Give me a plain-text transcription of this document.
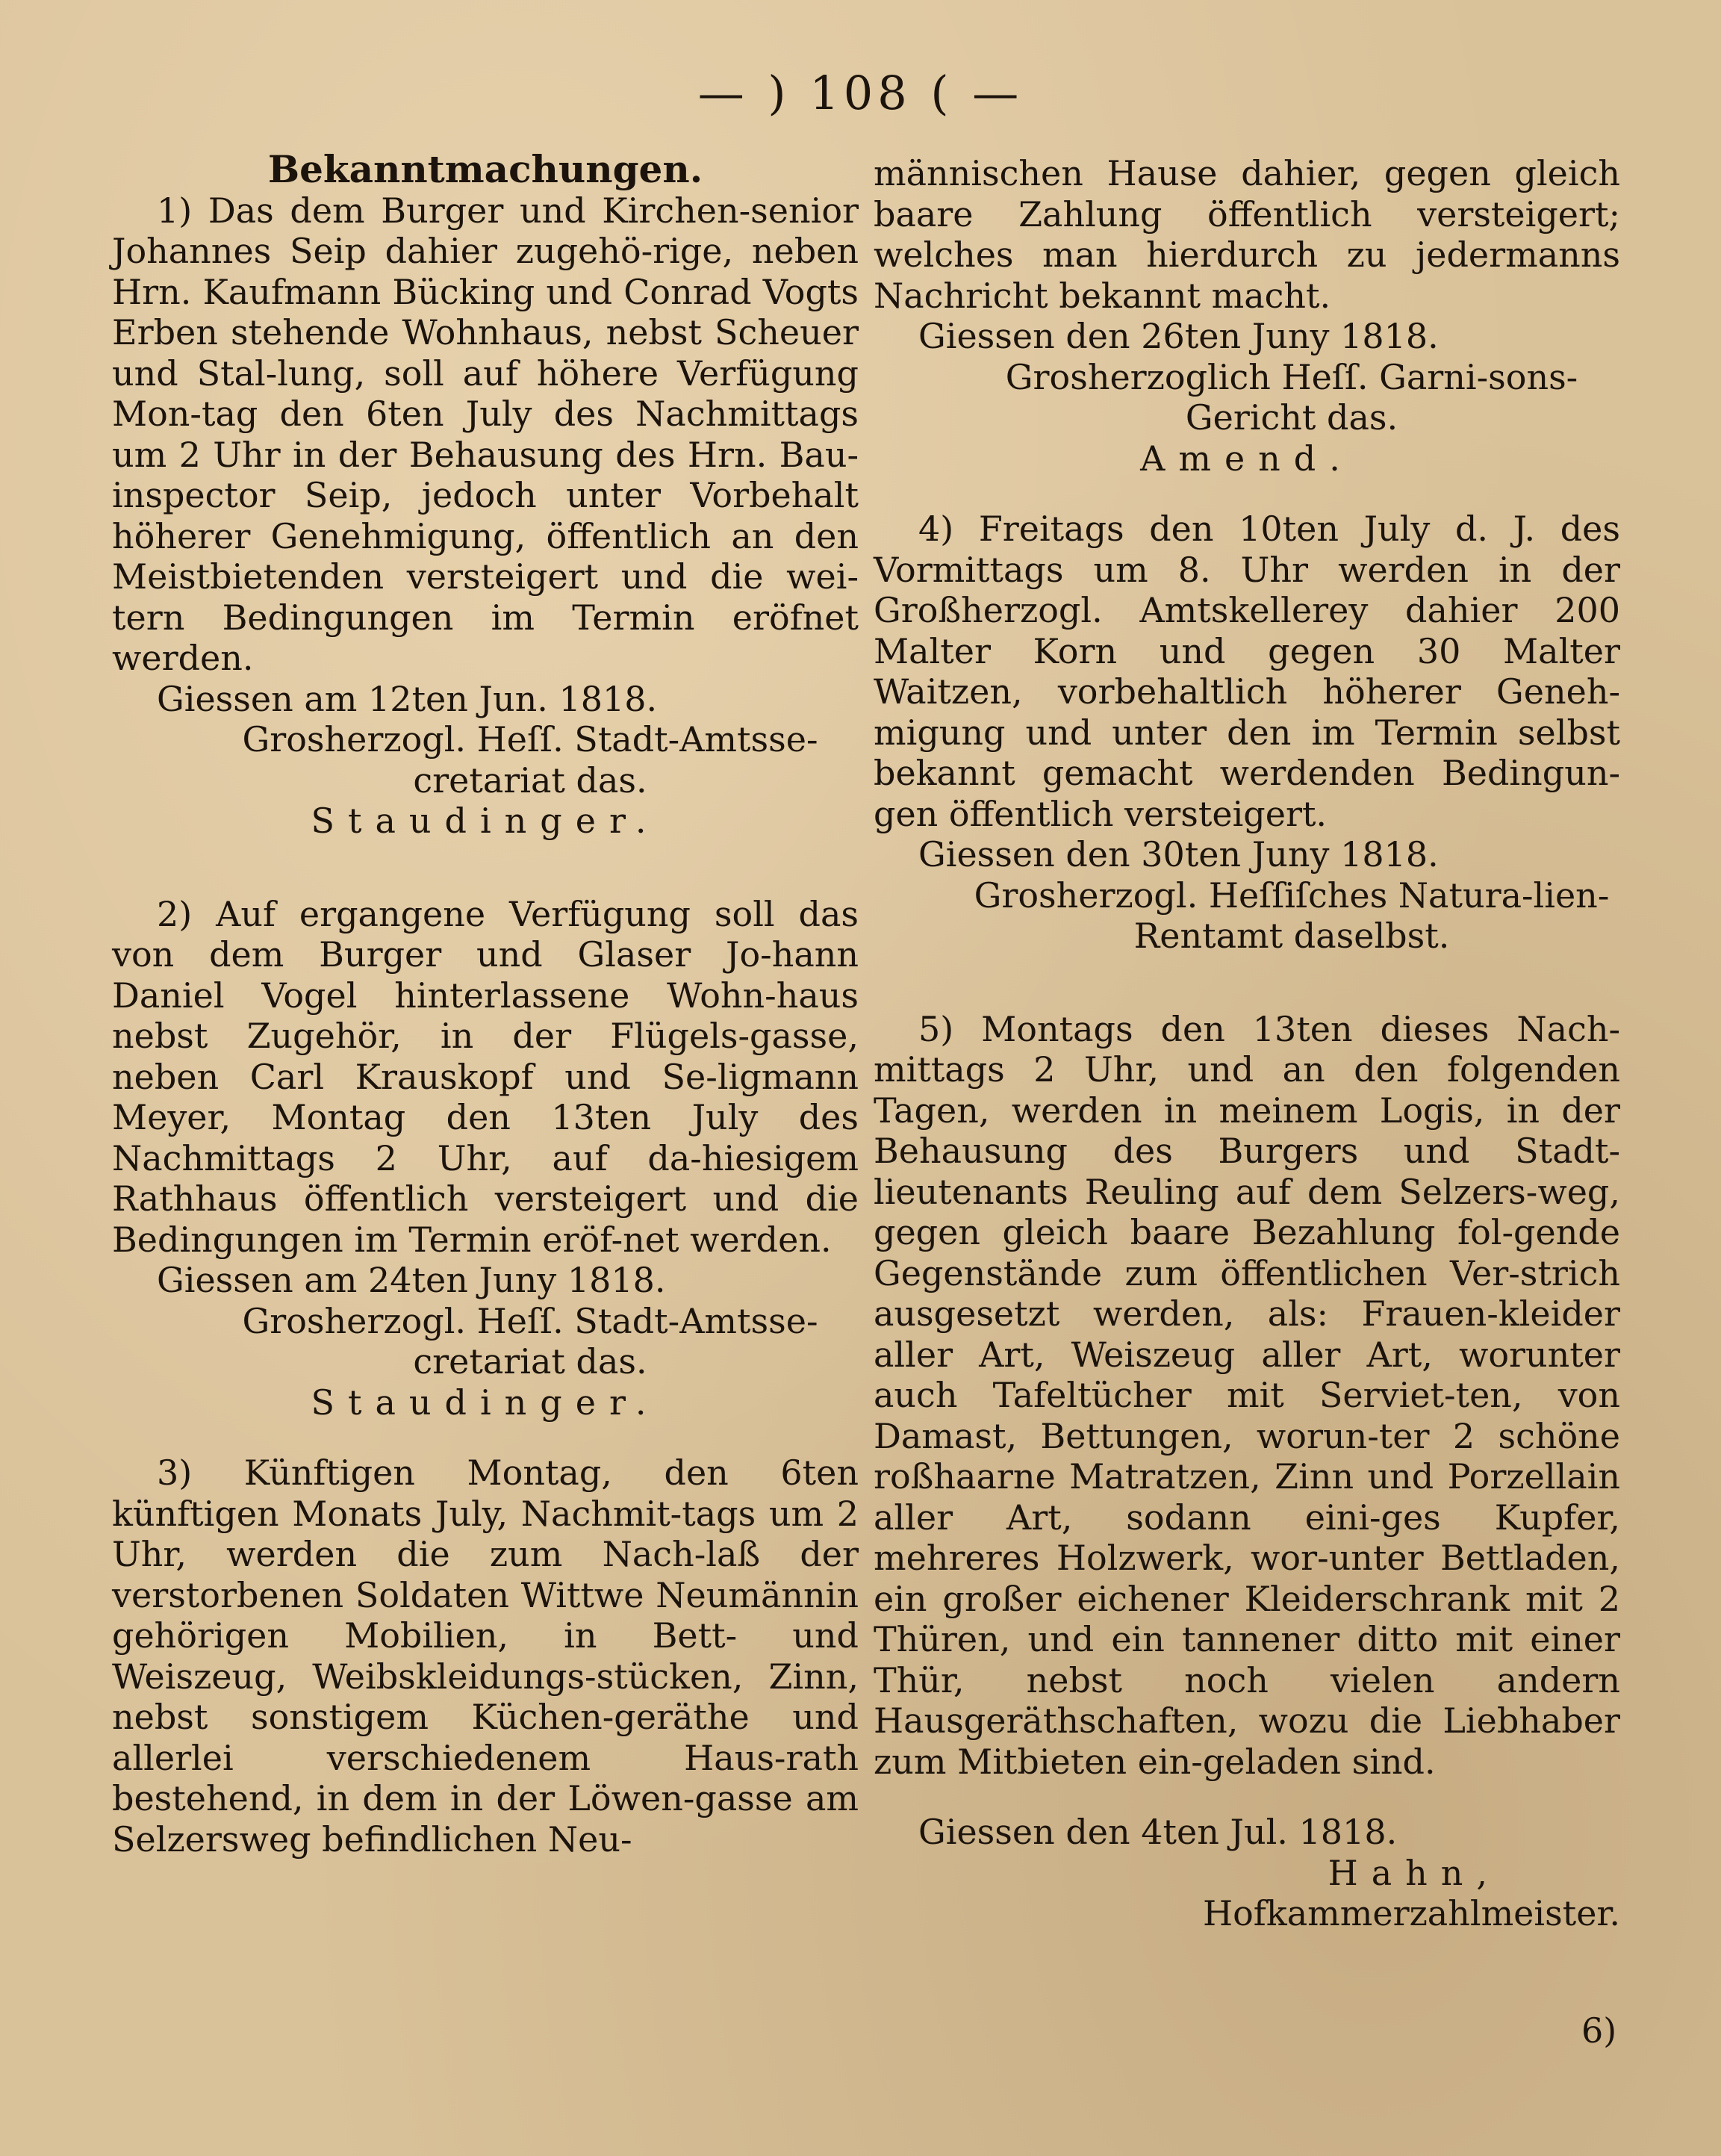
— ) 108 ( —

Bekanntmachungen.

1) Das dem Burger und Kirchen-senior Johannes Seip dahier zugehö-rige, neben Hrn. Kaufmann Bücking und Conrad Vogts Erben stehende Wohnhaus, nebst Scheuer und Stal-lung, soll auf höhere Verfügung Mon-tag den 6ten July des Nachmittags um 2 Uhr in der Behausung des Hrn. Bau-inspector Seip, jedoch unter Vorbehalt höherer Genehmigung, öffentlich an den Meistbietenden versteigert und die wei-tern Bedingungen im Termin eröfnet werden.

Giessen am 12ten Jun. 1818.

Grosherzogl. Heſſ. Stadt-Amtsse-cretariat das.

Staudinger.

2) Auf ergangene Verfügung soll das von dem Burger und Glaser Jo-hann Daniel Vogel hinterlassene Wohn-haus nebst Zugehör, in der Flügels-gasse, neben Carl Krauskopf und Se-ligmann Meyer, Montag den 13ten July des Nachmittags 2 Uhr, auf da-hiesigem Rathhaus öffentlich versteigert und die Bedingungen im Termin eröf-net werden.

Giessen am 24ten Juny 1818.

Grosherzogl. Heſſ. Stadt-Amtsse-cretariat das.

Staudinger.

3) Künftigen Montag, den 6ten künftigen Monats July, Nachmit-tags um 2 Uhr, werden die zum Nach-laß der verstorbenen Soldaten Wittwe Neumännin gehörigen Mobilien, in Bett- und Weiszeug, Weibskleidungs-stücken, Zinn, nebst sonstigem Küchen-geräthe und allerlei verschiedenem Haus-rath bestehend, in dem in der Löwen-gasse am Selzersweg befindlichen Neu-

männischen Hause dahier, gegen gleich baare Zahlung öffentlich versteigert; welches man hierdurch zu jedermanns Nachricht bekannt macht.

Giessen den 26ten Juny 1818.

Grosherzoglich Heſſ. Garni-sons-Gericht das.

Amend.

4) Freitags den 10ten July d. J. des Vormittags um 8. Uhr werden in der Großherzogl. Amtskellerey dahier 200 Malter Korn und gegen 30 Malter Waitzen, vorbehaltlich höherer Geneh-migung und unter den im Termin selbst bekannt gemacht werdenden Bedingun-gen öffentlich versteigert.

Giessen den 30ten Juny 1818.

Grosherzogl. Heſſiſches Natura-lien-Rentamt daselbst.

5) Montags den 13ten dieses Nach-mittags 2 Uhr, und an den folgenden Tagen, werden in meinem Logis, in der Behausung des Burgers und Stadt-lieutenants Reuling auf dem Selzers-weg, gegen gleich baare Bezahlung fol-gende Gegenstände zum öffentlichen Ver-strich ausgesetzt werden, als: Frauen-kleider aller Art, Weiszeug aller Art, worunter auch Tafeltücher mit Serviet-ten, von Damast, Bettungen, worun-ter 2 schöne roßhaarne Matratzen, Zinn und Porzellain aller Art, sodann eini-ges Kupfer, mehreres Holzwerk, wor-unter Bettladen, ein großer eichener Kleiderschrank mit 2 Thüren, und ein tannener ditto mit einer Thür, nebst noch vielen andern Hausgeräthschaften, wozu die Liebhaber zum Mitbieten ein-geladen sind.

Giessen den 4ten Jul. 1818.

Hahn,

Hofkammerzahlmeister.

6)
